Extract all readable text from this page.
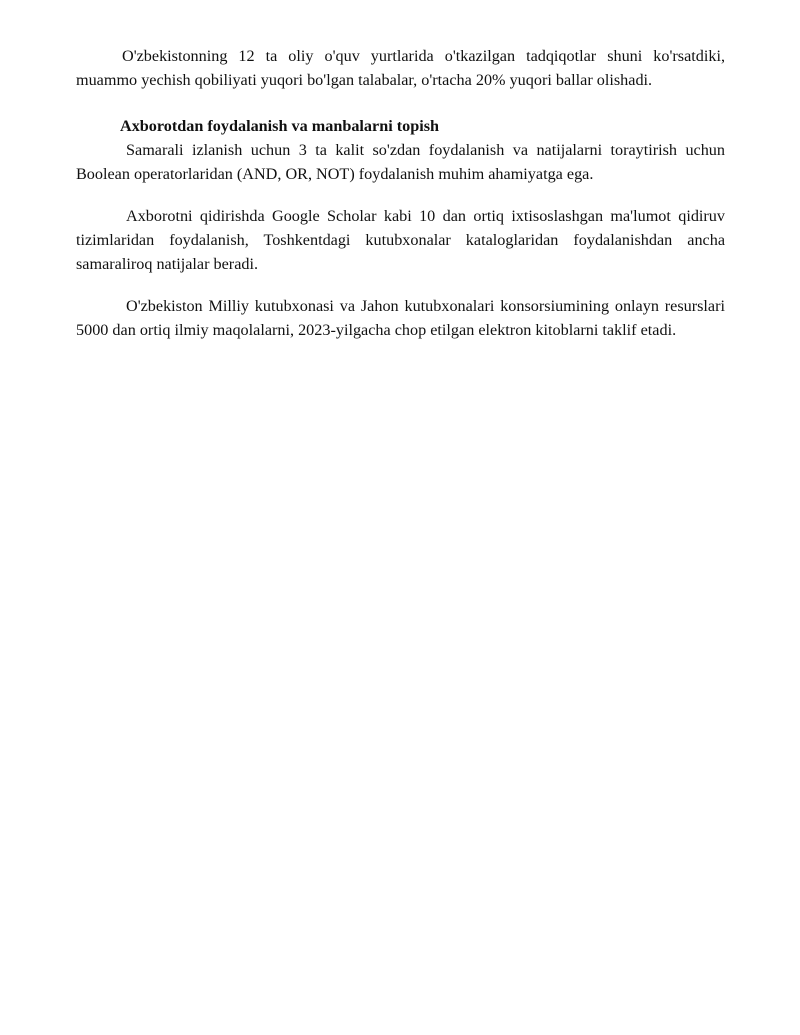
O'zbekistonning 12 ta oliy o'quv yurtlarida o'tkazilgan tadqiqotlar shuni ko'rsatdiki, muammo yechish qobiliyati yuqori bo'lgan talabalar, o'rtacha 20% yuqori ballar olishadi.

Axborotdan foydalanish va manbalarni topish

Samarali izlanish uchun 3 ta kalit so'zdan foydalanish va natijalarni toraytirish uchun Boolean operatorlaridan (AND, OR, NOT) foydalanish muhim ahamiyatga ega.

Axborotni qidirishda Google Scholar kabi 10 dan ortiq ixtisoslashgan ma'lumot qidiruv tizimlaridan foydalanish, Toshkentdagi kutubxonalar kataloglaridan foydalanishdan ancha samaraliroq natijalar beradi.

O'zbekiston Milliy kutubxonasi va Jahon kutubxonalari konsorsiumining onlayn resurslari 5000 dan ortiq ilmiy maqolalarni, 2023-yilgacha chop etilgan elektron kitoblarni taklif etadi.
